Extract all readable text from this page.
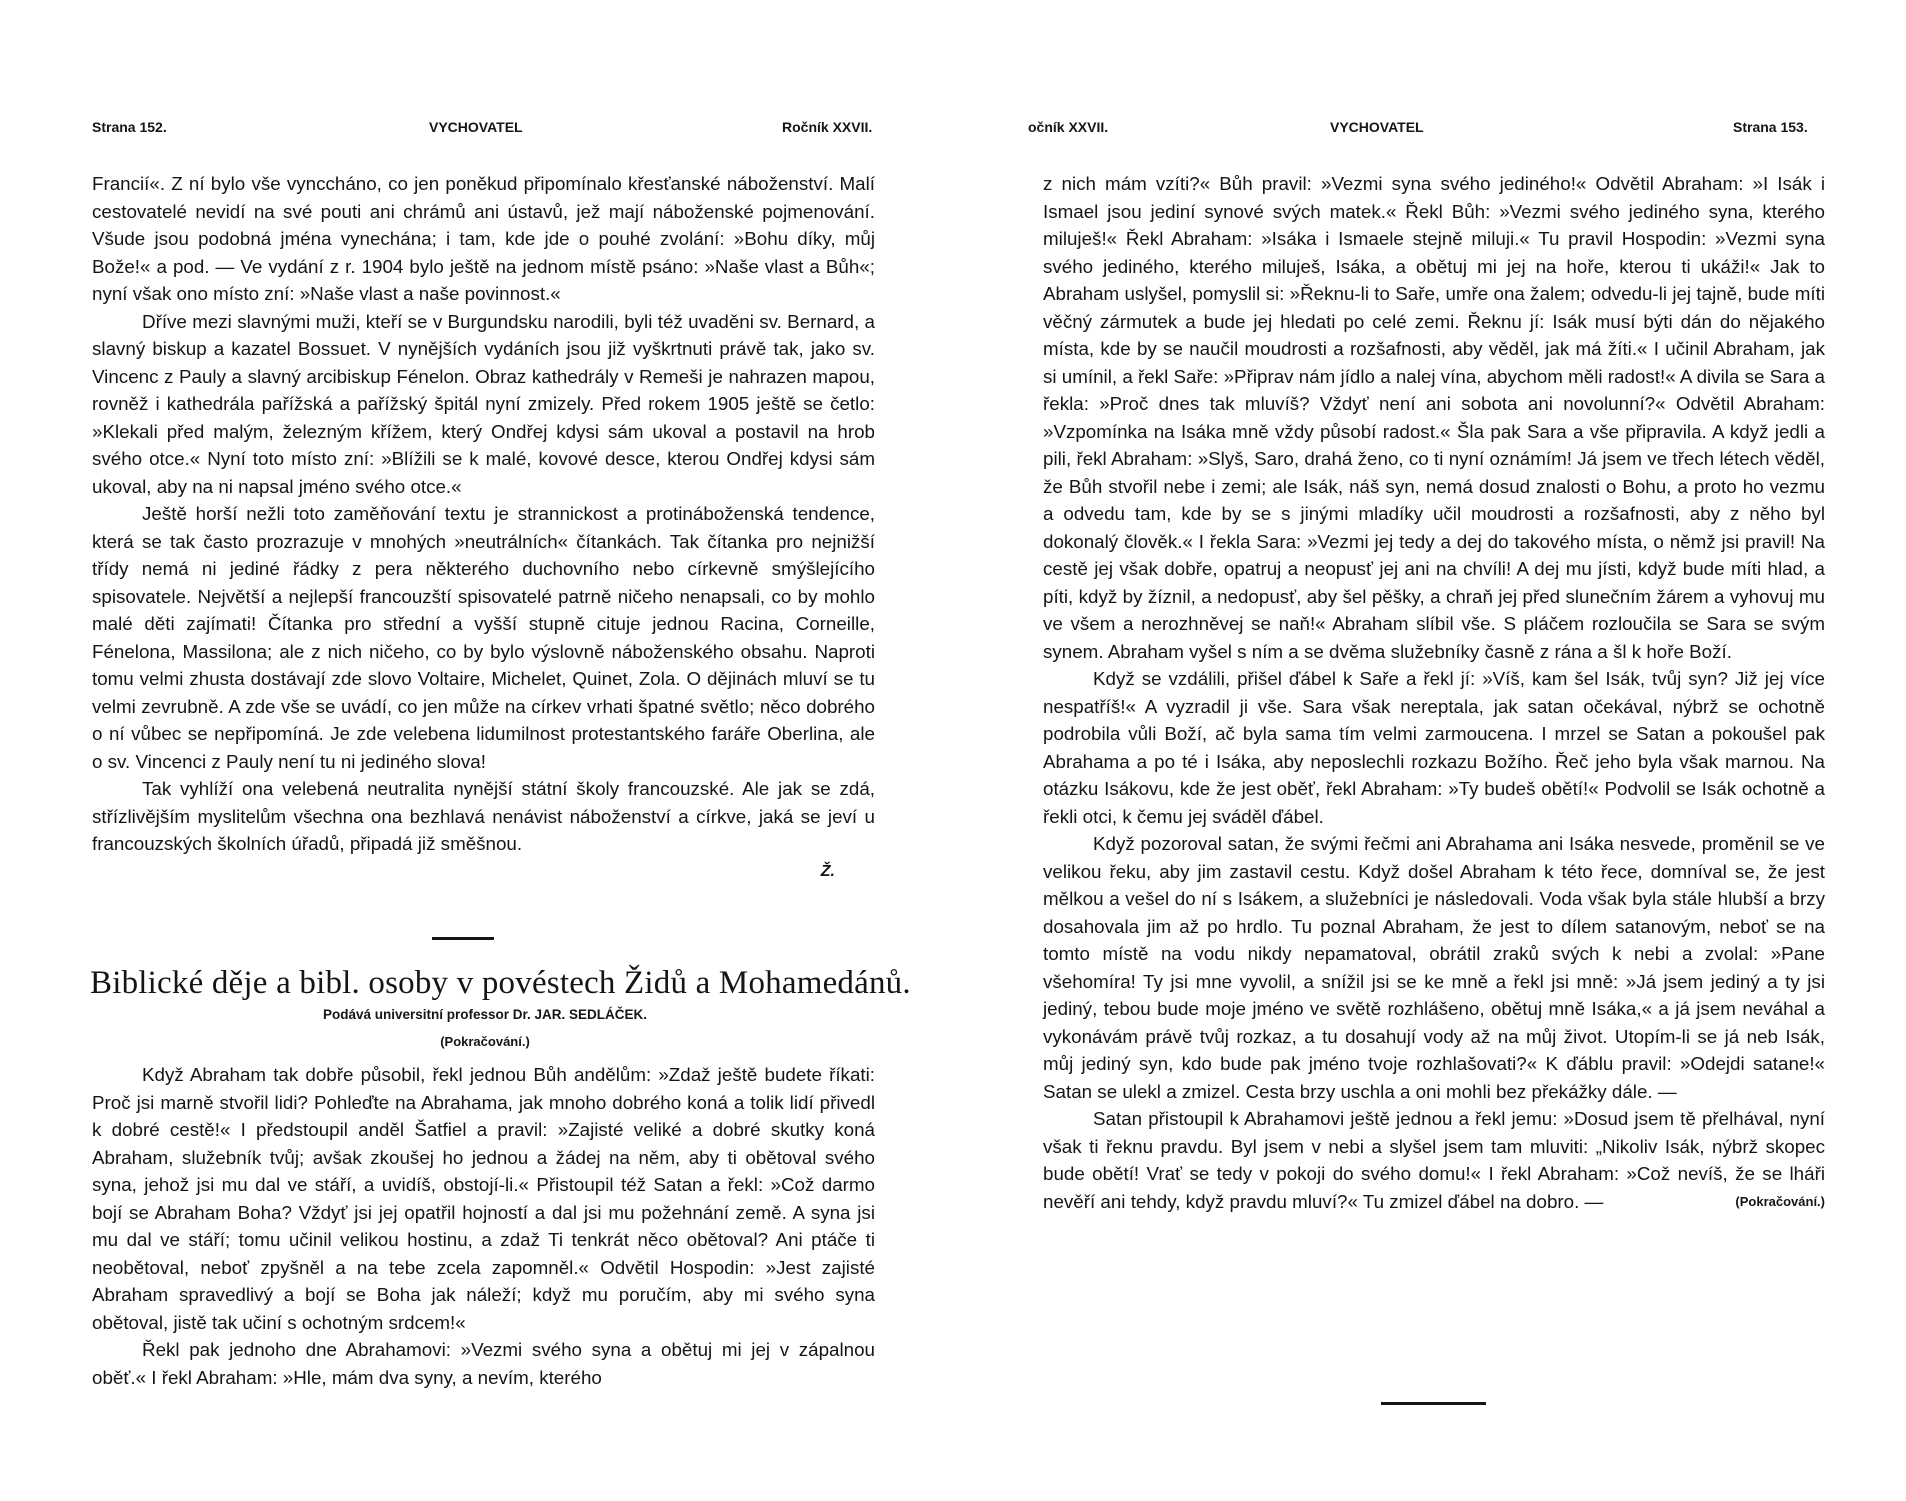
Strana 152.	VYCHOVATEL	Ročník XXVII.

Francií«. Z ní bylo vše vynccháno, co jen poněkud připomínalo křesťanské náboženství. Malí cestovatelé nevidí na své pouti ani chrámů ani ústavů, jež mají náboženské pojmenování. Všude jsou podobná jména vynechána; i tam, kde jde o pouhé zvolání: »Bohu díky, můj Bože!« a pod. — Ve vydání z r. 1904 bylo ještě na jednom místě psáno: »Naše vlast a Bůh«; nyní však ono místo zní: »Naše vlast a naše povinnost.«

Dříve mezi slavnými muži, kteří se v Burgundsku narodili, byli též uvaděni sv. Bernard, a slavný biskup a kazatel Bossuet. V nynějších vydáních jsou již vyškrtnuti právě tak, jako sv. Vincenc z Pauly a slavný arcibiskup Fénelon. Obraz kathedrály v Remeši je nahrazen mapou, rovněž i kathedrála pařížská a pařížský špitál nyní zmizely. Před rokem 1905 ještě se četlo: »Klekali před malým, železným křížem, který Ondřej kdysi sám ukoval a postavil na hrob svého otce.« Nyní toto místo zní: »Blížili se k malé, kovové desce, kterou Ondřej kdysi sám ukoval, aby na ni napsal jméno svého otce.«

Ještě horší nežli toto zaměňování textu je strannickost a protináboženská tendence, která se tak často prozrazuje v mnohých »neutrálních« čítankách. Tak čítanka pro nejnižší třídy nemá ni jediné řádky z pera některého duchovního nebo církevně smýšlejícího spisovatele. Největší a nejlepší francouzští spisovatelé patrně ničeho nenapsali, co by mohlo malé děti zajímati! Čítanka pro střední a vyšší stupně cituje jednou Racina, Corneille, Fénelona, Massilona; ale z nich ničeho, co by bylo výslovně náboženského obsahu. Naproti tomu velmi zhusta dostávají zde slovo Voltaire, Michelet, Quinet, Zola. O dějinách mluví se tu velmi zevrubně. A zde vše se uvádí, co jen může na církev vrhati špatné světlo; něco dobrého o ní vůbec se nepřipomíná. Je zde velebena lidumilnost protestantského faráře Oberlina, ale o sv. Vincenci z Pauly není tu ni jediného slova!

Tak vyhlíží ona velebená neutralita nynější státní školy francouzské. Ale jak se zdá, střízlivějším myslitelům všechna ona bezhlavá nenávist náboženství a církve, jaká se jeví u francouzských školních úřadů, připadá již směšnou.

Ž.
Biblické děje a bibl. osoby v povéstech Židů a Mohamedánů.
Podává universitní professor Dr. JAR. SEDLÁČEK.
(Pokračování.)

Když Abraham tak dobře působil, řekl jednou Bůh andělům: »Zdaž ještě budete říkati: Proč jsi marně stvořil lidi? Pohleďte na Abrahama, jak mnoho dobrého koná a tolik lidí přivedl k dobré cestě!« I předstoupil anděl Šatfiel a pravil: »Zajisté veliké a dobré skutky koná Abraham, služebník tvůj; avšak zkoušej ho jednou a žádej na něm, aby ti obětoval svého syna, jehož jsi mu dal ve stáří, a uvidíš, obstojí-li.« Přistoupil též Satan a řekl: »Což darmo bojí se Abraham Boha? Vždyť jsi jej opatřil hojností a dal jsi mu požehnání země. A syna jsi mu dal ve stáří; tomu učinil velikou hostinu, a zdaž Ti tenkrát něco obětoval? Ani ptáče ti neobětoval, neboť zpyšněl a na tebe zcela zapomněl.« Odvětil Hospodin: »Jest zajisté Abraham spravedlivý a bojí se Boha jak náleží; když mu poručím, aby mi svého syna obětoval, jistě tak učiní s ochotným srdcem!«

Řekl pak jednoho dne Abrahamovi: »Vezmi svého syna a obětuj mi jej v zápalnou oběť.« I řekl Abraham: »Hle, mám dva syny, a nevím, kterého

očník XXVII.	VYCHOVATEL	Strana 153.

z nich mám vzíti?« Bůh pravil: »Vezmi syna svého jediného!« Odvětil Abraham: »I Isák i Ismael jsou jediní synové svých matek.« Řekl Bůh: »Vezmi svého jediného syna, kterého miluješ!« Řekl Abraham: »Isáka i Ismaele stejně miluji.« Tu pravil Hospodin: »Vezmi syna svého jediného, kterého miluješ, Isáka, a obětuj mi jej na hoře, kterou ti ukáži!« Jak to Abraham uslyšel, pomyslil si: »Řeknu-li to Saře, umře ona žalem; odvedu-li jej tajně, bude míti věčný zármutek a bude jej hledati po celé zemi. Řeknu jí: Isák musí býti dán do nějakého místa, kde by se naučil moudrosti a rozšafnosti, aby věděl, jak má žíti.« I učinil Abraham, jak si umínil, a řekl Saře: »Připrav nám jídlo a nalej vína, abychom měli radost!« A divila se Sara a řekla: »Proč dnes tak mluvíš? Vždyť není ani sobota ani novolunní?« Odvětil Abraham: »Vzpomínka na Isáka mně vždy působí radost.« Šla pak Sara a vše připravila. A když jedli a pili, řekl Abraham: »Slyš, Saro, drahá ženo, co ti nyní oznámím! Já jsem ve třech létech věděl, že Bůh stvořil nebe i zemi; ale Isák, náš syn, nemá dosud znalosti o Bohu, a proto ho vezmu a odvedu tam, kde by se s jinými mladíky učil moudrosti a rozšafnosti, aby z něho byl dokonalý člověk.« I řekla Sara: »Vezmi jej tedy a dej do takového místa, o němž jsi pravil! Na cestě jej však dobře, opatruj a neopusť jej ani na chvíli! A dej mu jísti, když bude míti hlad, a píti, když by žíznil, a nedopusť, aby šel pěšky, a chraň jej před slunečním žárem a vyhovuj mu ve všem a nerozhněvej se naň!« Abraham slíbil vše. S pláčem rozloučila se Sara se svým synem. Abraham vyšel s ním a se dvěma služebníky časně z rána a šl k hoře Boží.

Když se vzdálili, přišel ďábel k Saře a řekl jí: »Víš, kam šel Isák, tvůj syn? Již jej více nespatříš!« A vyzradil ji vše. Sara však nereptala, jak satan očekával, nýbrž se ochotně podrobila vůli Boží, ač byla sama tím velmi zarmoucena. I mrzel se Satan a pokoušel pak Abrahama a po té i Isáka, aby neposlechli rozkazu Božího. Řeč jeho byla však marnou. Na otázku Isákovu, kde že jest oběť, řekl Abraham: »Ty budeš obětí!« Podvolil se Isák ochotně a řekli otci, k čemu jej sváděl ďábel.

Když pozoroval satan, že svými řečmi ani Abrahama ani Isáka nesvede, proměnil se ve velikou řeku, aby jim zastavil cestu. Když došel Abraham k této řece, domníval se, že jest mělkou a vešel do ní s Isákem, a služebníci je následovali. Voda však byla stále hlubší a brzy dosahovala jim až po hrdlo. Tu poznal Abraham, že jest to dílem satanovým, neboť se na tomto místě na vodu nikdy nepamatoval, obrátil zraků svých k nebi a zvolal: »Pane všehomíra! Ty jsi mne vyvolil, a snížil jsi se ke mně a řekl jsi mně: »Já jsem jediný a ty jsi jediný, tebou bude moje jméno ve světě rozhlášeno, obětuj mně Isáka,« a já jsem neváhal a vykonávám právě tvůj rozkaz, a tu dosahují vody až na můj život. Utopím-li se já neb Isák, můj jediný syn, kdo bude pak jméno tvoje rozhlašovati?« K ďáblu pravil: »Odejdi satane!« Satan se ulekl a zmizel. Cesta brzy uschla a oni mohli bez překážky dále. —

Satan přistoupil k Abrahamovi ještě jednou a řekl jemu: »Dosud jsem tě přelhával, nyní však ti řeknu pravdu. Byl jsem v nebi a slyšel jsem tam mluviti: „Nikoliv Isák, nýbrž skopec bude obětí! Vrať se tedy v pokoji do svého domu!« I řekl Abraham: »Což nevíš, že se lháři nevěří ani tehdy, když pravdu mluví?« Tu zmizel ďábel na dobro. —	(Pokračování.)
